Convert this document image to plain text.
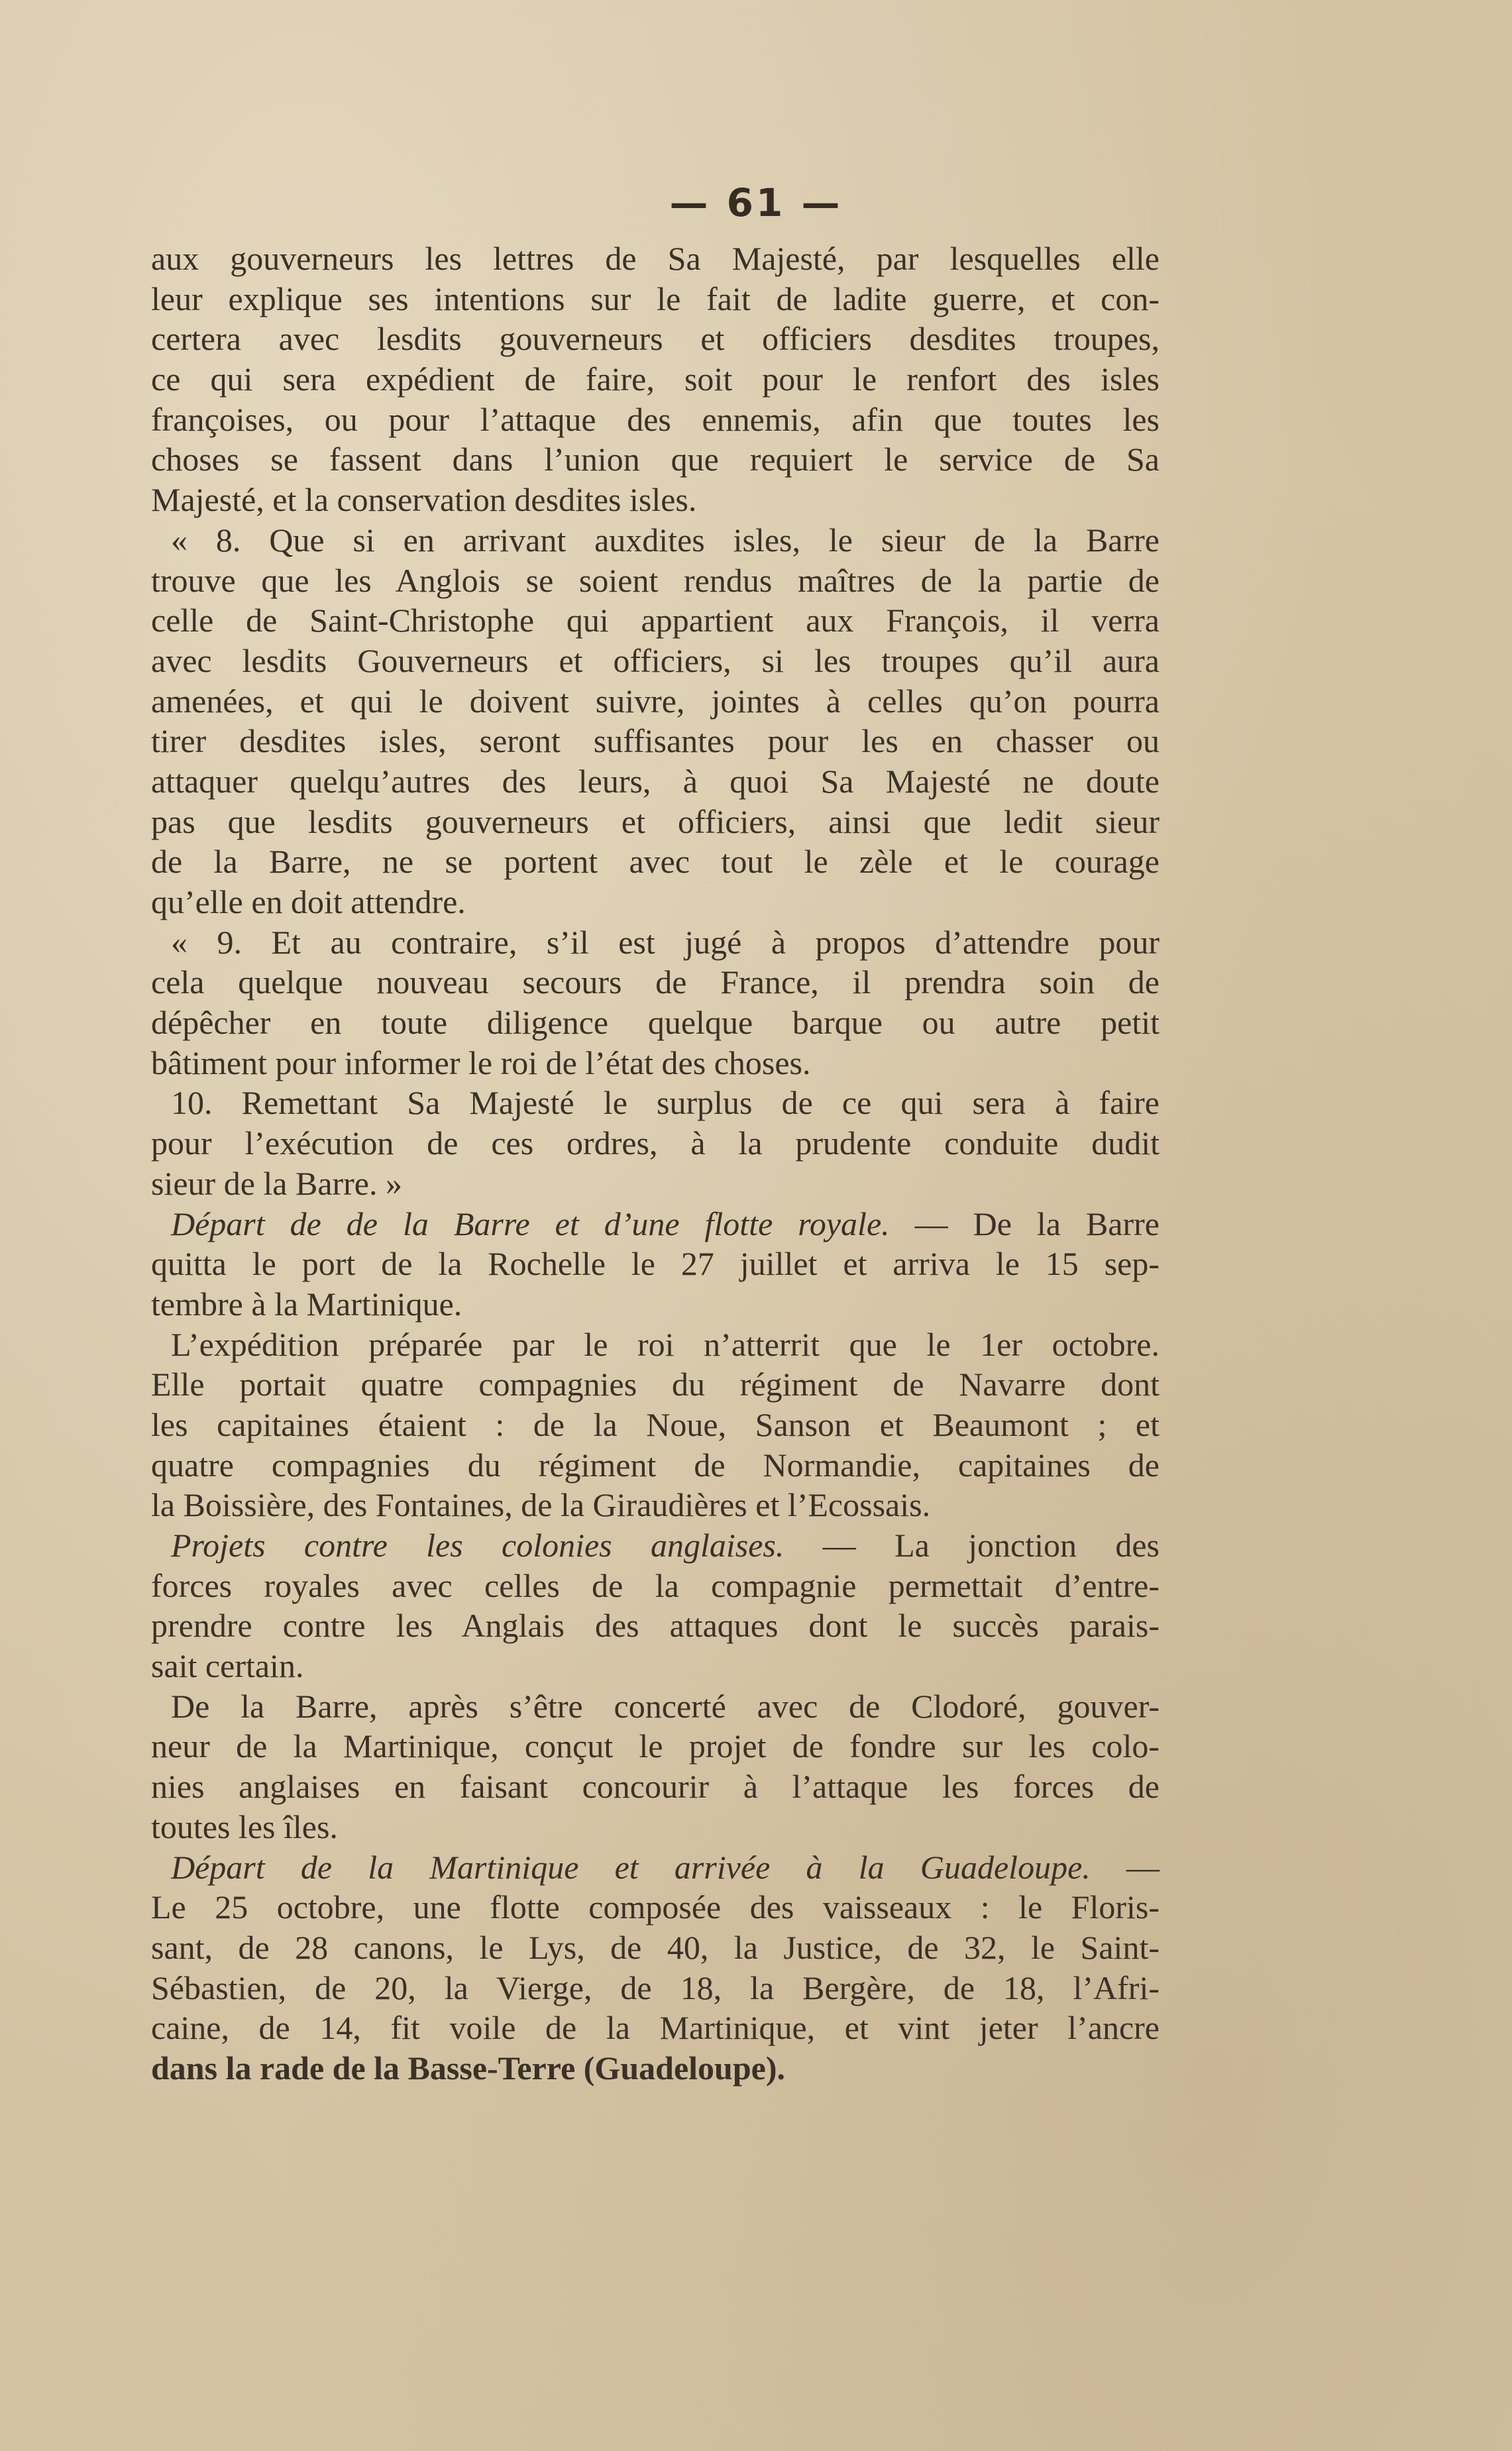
— 61 —
aux gouverneurs les lettres de Sa Majesté, par lesquelles elle
leur explique ses intentions sur le fait de ladite guerre, et con-
certera avec lesdits gouverneurs et officiers desdites troupes,
ce qui sera expédient de faire, soit pour le renfort des isles
françoises, ou pour l’attaque des ennemis, afin que toutes les
choses se fassent dans l’union que requiert le service de Sa
Majesté, et la conservation desdites isles.
« 8. Que si en arrivant auxdites isles, le sieur de la Barre
trouve que les Anglois se soient rendus maîtres de la partie de
celle de Saint-Christophe qui appartient aux François, il verra
avec lesdits Gouverneurs et officiers, si les troupes qu’il aura
amenées, et qui le doivent suivre, jointes à celles qu’on pourra
tirer desdites isles, seront suffisantes pour les en chasser ou
attaquer quelqu’autres des leurs, à quoi Sa Majesté ne doute
pas que lesdits gouverneurs et officiers, ainsi que ledit sieur
de la Barre, ne se portent avec tout le zèle et le courage
qu’elle en doit attendre.
« 9. Et au contraire, s’il est jugé à propos d’attendre pour
cela quelque nouveau secours de France, il prendra soin de
dépêcher en toute diligence quelque barque ou autre petit
bâtiment pour informer le roi de l’état des choses.
10. Remettant Sa Majesté le surplus de ce qui sera à faire
pour l’exécution de ces ordres, à la prudente conduite dudit
sieur de la Barre. »
Départ de de la Barre et d’une flotte royale. — De la Barre
quitta le port de la Rochelle le 27 juillet et arriva le 15 sep-
tembre à la Martinique.
L’expédition préparée par le roi n’atterrit que le 1er octobre.
Elle portait quatre compagnies du régiment de Navarre dont
les capitaines étaient : de la Noue, Sanson et Beaumont ; et
quatre compagnies du régiment de Normandie, capitaines de
la Boissière, des Fontaines, de la Giraudières et l’Ecossais.
Projets contre les colonies anglaises. — La jonction des
forces royales avec celles de la compagnie permettait d’entre-
prendre contre les Anglais des attaques dont le succès parais-
sait certain.
De la Barre, après s’être concerté avec de Clodoré, gouver-
neur de la Martinique, conçut le projet de fondre sur les colo-
nies anglaises en faisant concourir à l’attaque les forces de
toutes les îles.
Départ de la Martinique et arrivée à la Guadeloupe. —
Le 25 octobre, une flotte composée des vaisseaux : le Floris-
sant, de 28 canons, le Lys, de 40, la Justice, de 32, le Saint-
Sébastien, de 20, la Vierge, de 18, la Bergère, de 18, l’Afri-
caine, de 14, fit voile de la Martinique, et vint jeter l’ancre
dans la rade de la Basse-Terre (Guadeloupe).
